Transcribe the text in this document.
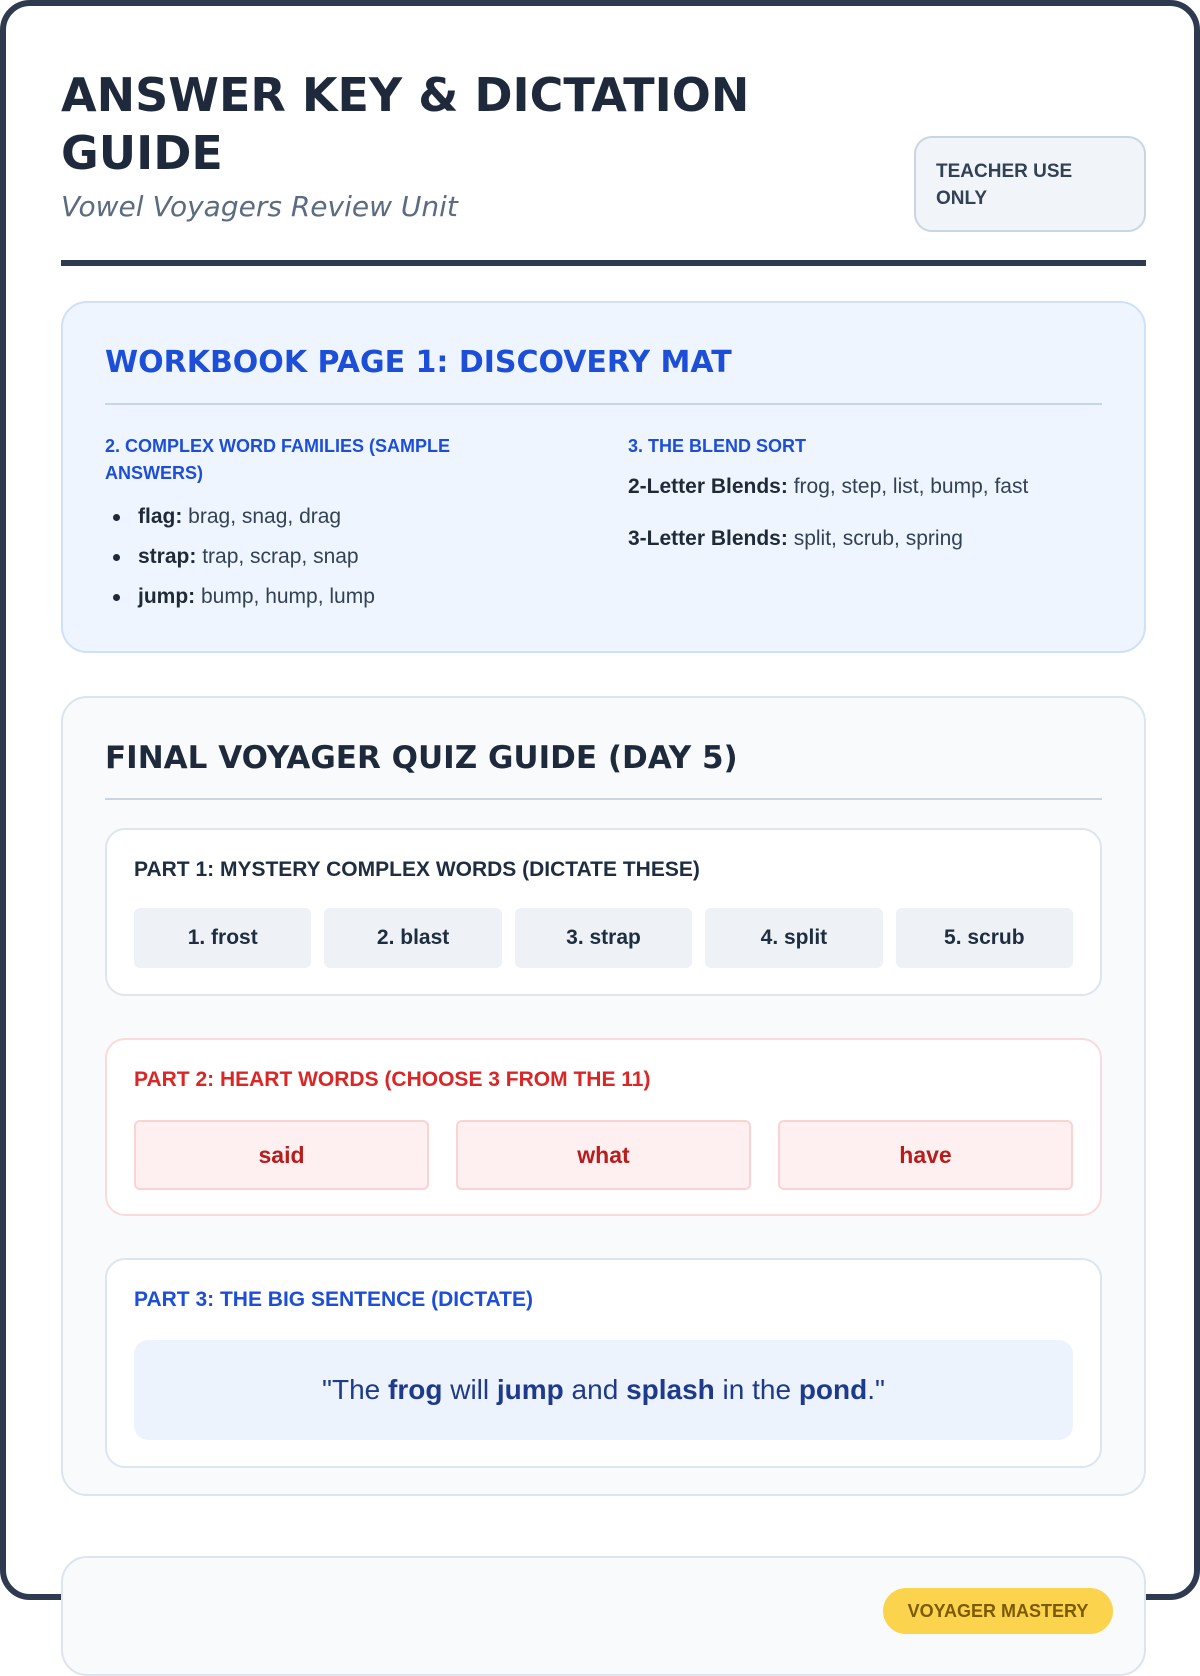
ANSWER KEY & DICTATION GUIDE
Vowel Voyagers Review Unit
TEACHER USE ONLY
WORKBOOK PAGE 1: DISCOVERY MAT
2. COMPLEX WORD FAMILIES (SAMPLE ANSWERS)
flag: brag, snag, drag
strap: trap, scrap, snap
jump: bump, hump, lump
3. THE BLEND SORT
2-Letter Blends: frog, step, list, bump, fast
3-Letter Blends: split, scrub, spring
FINAL VOYAGER QUIZ GUIDE (DAY 5)
PART 1: MYSTERY COMPLEX WORDS (DICTATE THESE)
1. frost	2. blast	3. strap	4. split	5. scrub
PART 2: HEART WORDS (CHOOSE 3 FROM THE 11)
said	what	have
PART 3: THE BIG SENTENCE (DICTATE)
"The frog will jump and splash in the pond ."
VOYAGER MASTERY
